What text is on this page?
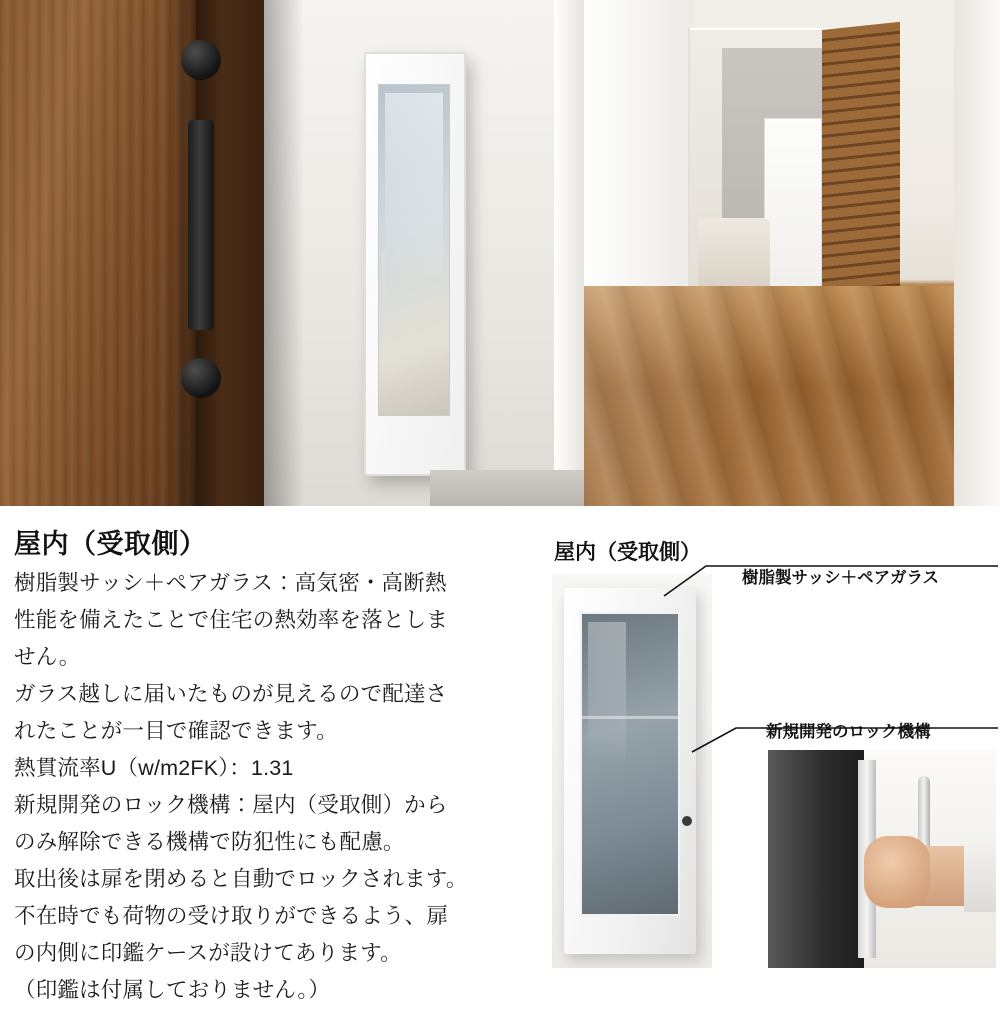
屋内（受取側）

樹脂製サッシ＋ペアガラス：高気密・高断熱

性能を備えたことで住宅の熱効率を落としま

せん。

ガラス越しに届いたものが見えるので配達さ

れたことが一目で確認できます。

熱貫流率U（w/m2FK）：1.31

新規開発のロック機構：屋内（受取側）から

のみ解除できる機構で防犯性にも配慮。

取出後は扉を閉めると自動でロックされます。

不在時でも荷物の受け取りができるよう、扉

の内側に印鑑ケースが設けてあります。

（印鑑は付属しておりません。）

屋内（受取側）
樹脂製サッシ＋ペアガラス
新規開発のロック機構
